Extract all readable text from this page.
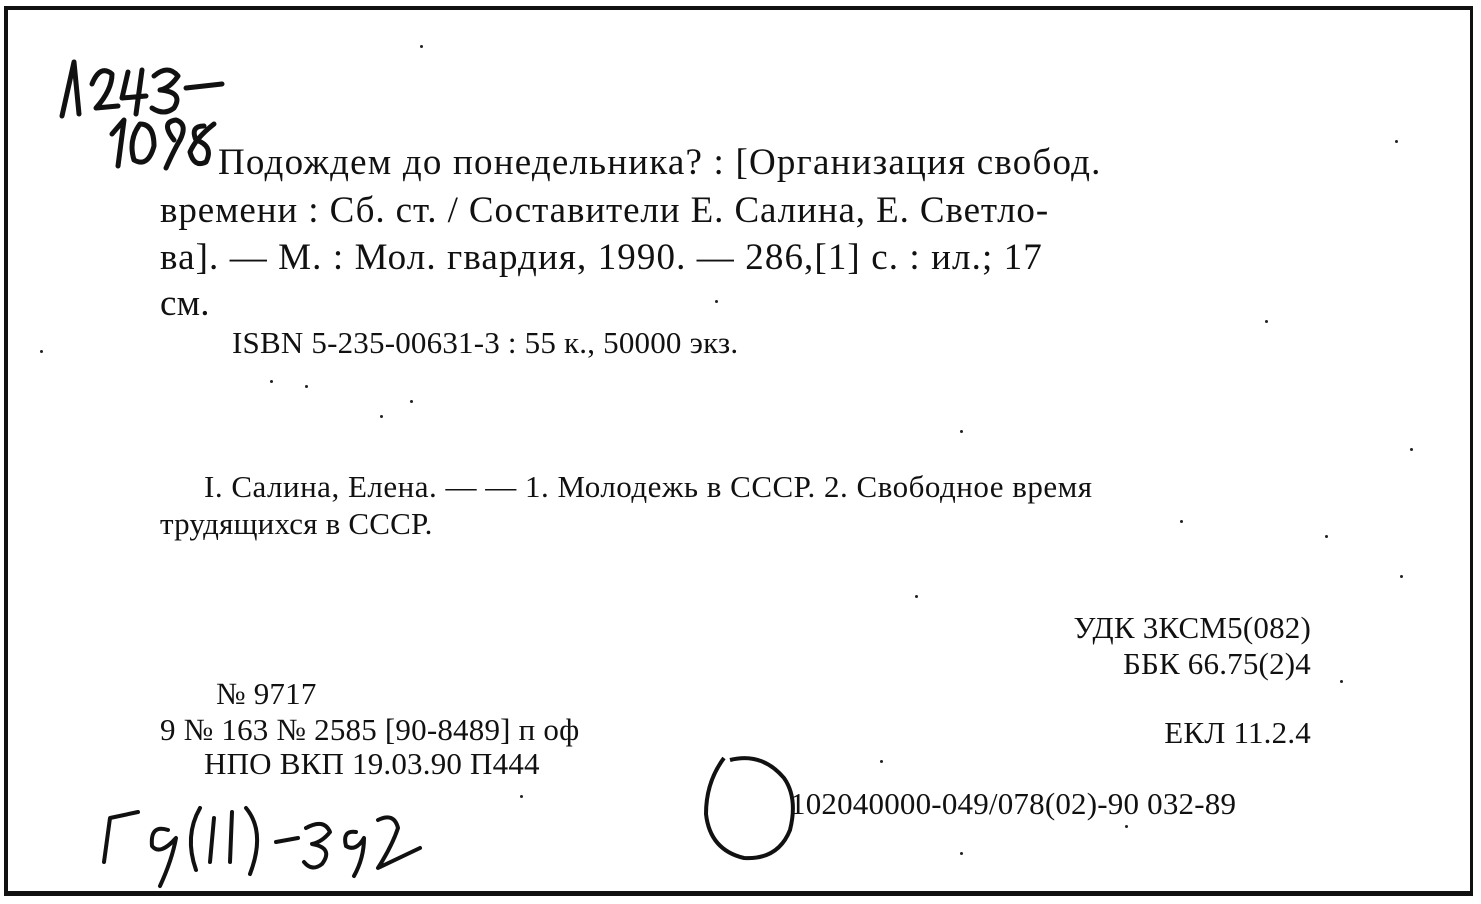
Подождем до понедельника? : [Организация свобод.
времени : Сб. ст. / Составители Е. Салина, Е. Светло-
ва]. — М. : Мол. гвардия, 1990. — 286,[1] с. : ил.; 17
см.
ISBN 5-235-00631-3 : 55 к., 50000 экз.
I. Салина, Елена. — — 1. Молодежь в СССР. 2. Свободное время
трудящихся в СССР.
УДК 3КСМ5(082)
ББК 66.75(2)4
ЕКЛ 11.2.4
№ 9717
9 № 163 № 2585 [90-8489] п оф
НПО ВКП 19.03.90 П444
102040000-049/078(02)-90 032-89
